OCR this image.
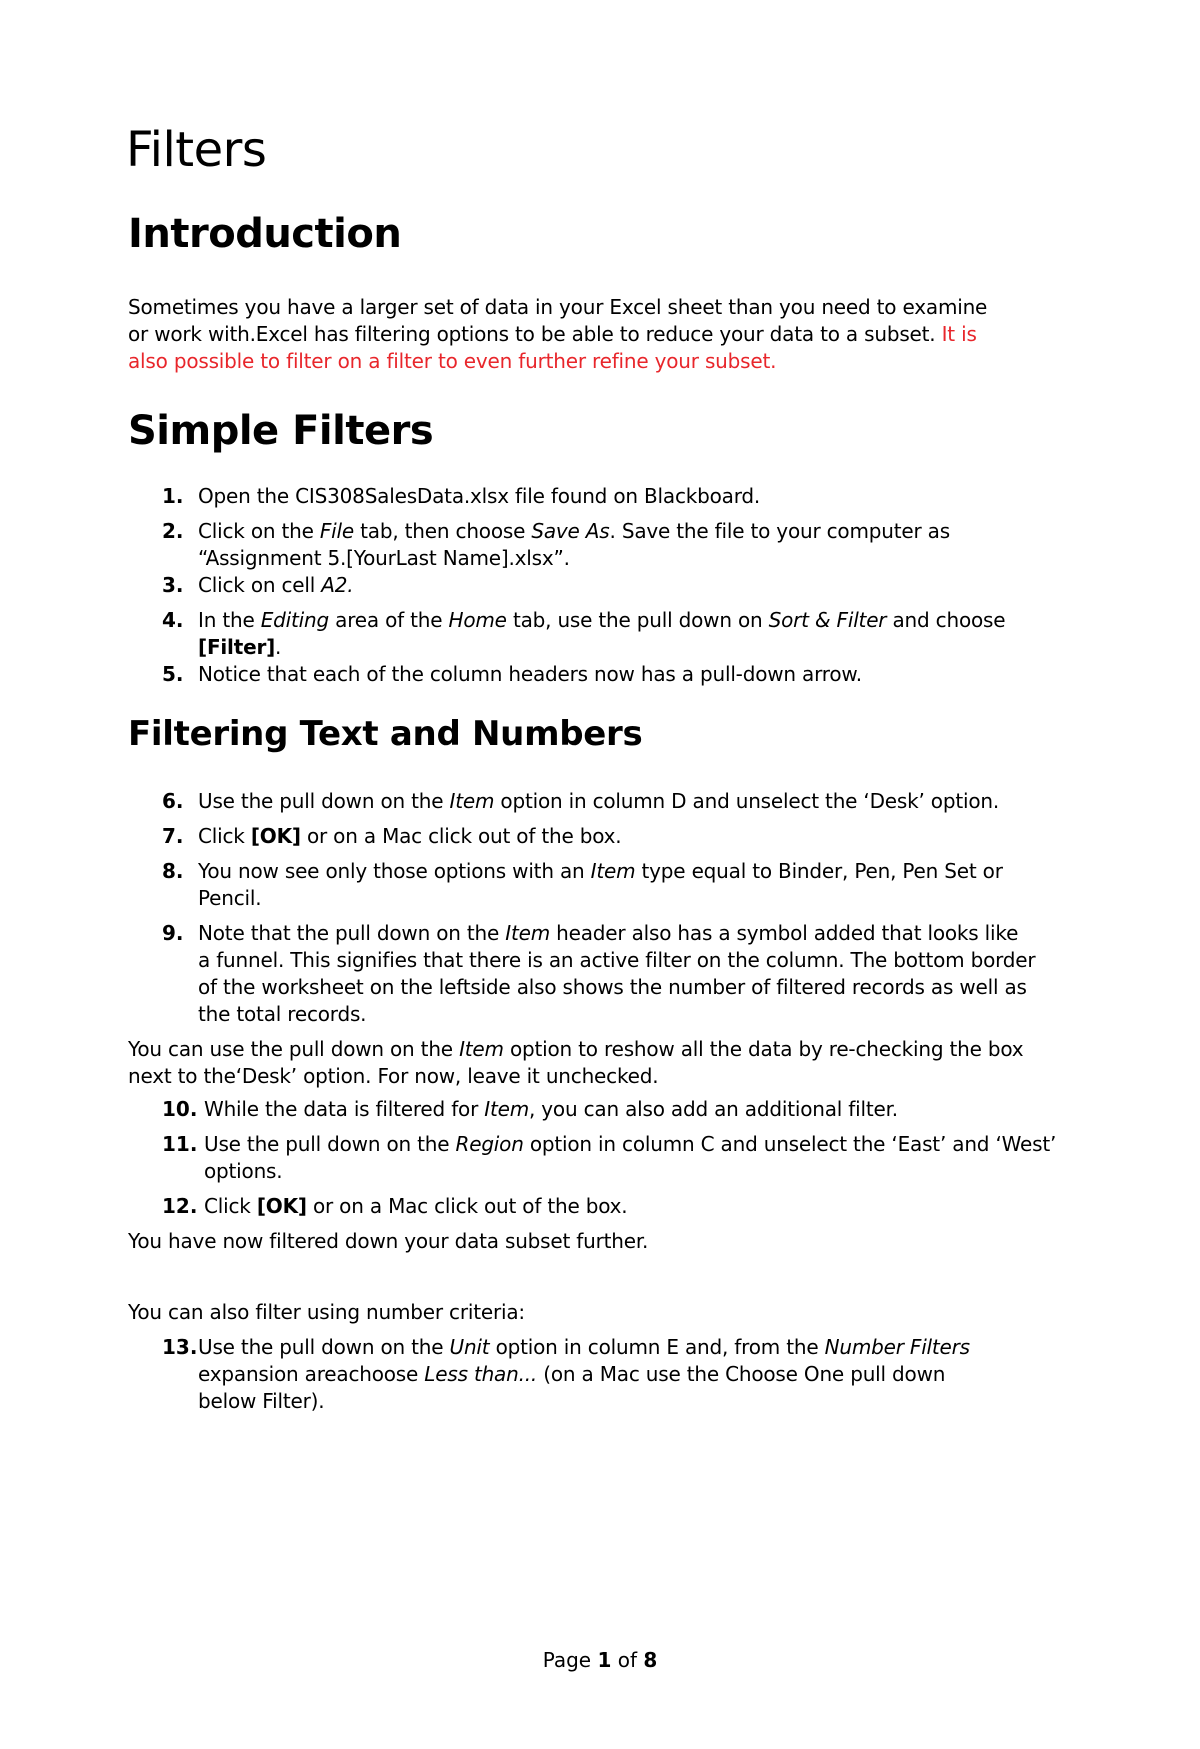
Filters
Introduction

Sometimes you have a larger set of data in your Excel sheet than you need to examine
or work with.Excel has filtering options to be able to reduce your data to a subset. It is
also possible to filter on a filter to even further refine your subset.

Simple Filters
1. Open the CIS308SalesData.xlsx file found on Blackboard.
2. Click on the File tab, then choose Save As. Save the file to your computer as
“Assignment 5.[YourLast Name].xlsx”.
3. Click on cell A2.
4. In the Editing area of the Home tab, use the pull down on Sort & Filter and choose
[Filter].
5. Notice that each of the column headers now has a pull-down arrow.
Filtering Text and Numbers
6. Use the pull down on the Item option in column D and unselect the ‘Desk’ option.
7. Click [OK] or on a Mac click out of the box.
8. You now see only those options with an Item type equal to Binder, Pen, Pen Set or Pencil.
9. Note that the pull down on the Item header also has a symbol added that looks like
a funnel. This signifies that there is an active filter on the column. The bottom border
of the worksheet on the leftside also shows the number of filtered records as well as
the total records.

You can use the pull down on the Item option to reshow all the data by re-checking the box
next to the‘Desk’ option. For now, leave it unchecked.

10. While the data is filtered for Item, you can also add an additional filter.
11. Use the pull down on the Region option in column C and unselect the ‘East’ and ‘West’
options.
12. Click [OK] or on a Mac click out of the box.

You have now filtered down your data subset further.

You can also filter using number criteria:

13. Use the pull down on the Unit option in column E and, from the Number Filters
expansion areachoose Less than... (on a Mac use the Choose One pull down
below Filter).
Page 1 of 8
